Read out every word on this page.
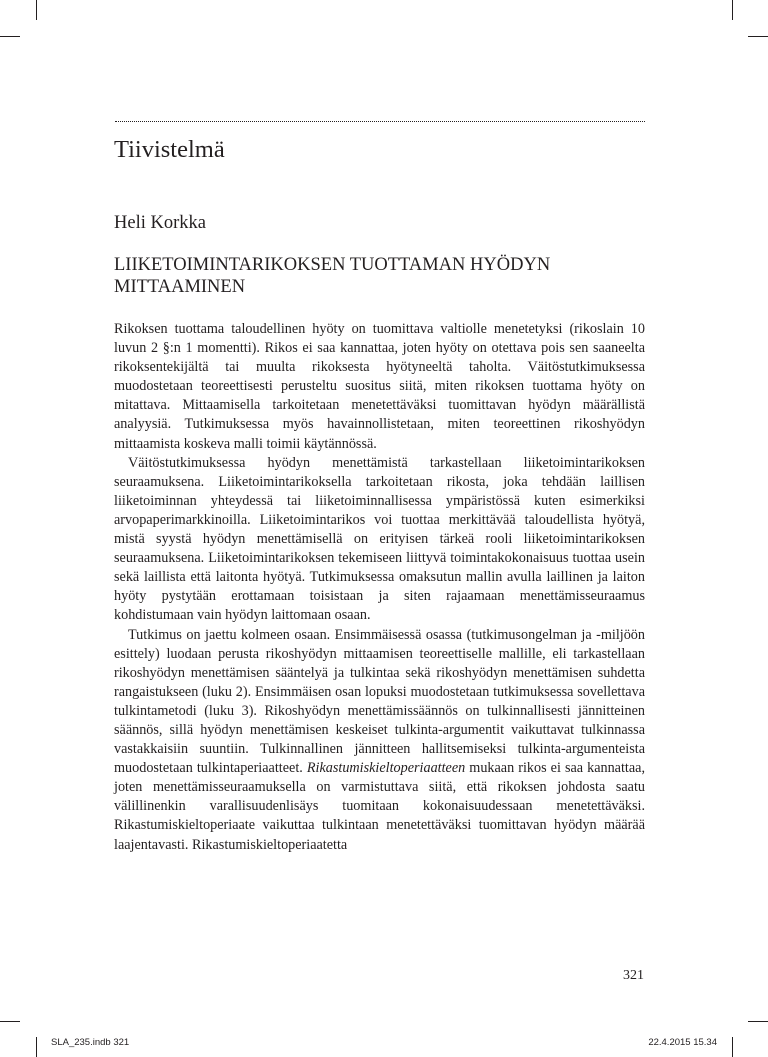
Tiivistelmä

Heli Korkka

LIIKETOIMINTARIKOKSEN TUOTTAMAN HYÖDYN MITTAAMINEN

Rikoksen tuottama taloudellinen hyöty on tuomittava valtiolle menetetyksi (rikoslain 10 luvun 2 §:n 1 momentti). Rikos ei saa kannattaa, joten hyöty on otettava pois sen saaneelta rikoksentekijältä tai muulta rikoksesta hyötyneeltä taholta. Väitöstutkimuksessa muodostetaan teoreettisesti perusteltu suositus siitä, miten rikoksen tuottama hyöty on mitattava. Mittaamisella tarkoitetaan menetettäväksi tuomittavan hyödyn määrällistä analyysiä. Tutkimuksessa myös havainnollistetaan, miten teoreettinen rikoshyödyn mittaamista koskeva malli toimii käytännössä.

Väitöstutkimuksessa hyödyn menettämistä tarkastellaan liiketoimintarikoksen seuraamuksena. Liiketoimintarikoksella tarkoitetaan rikosta, joka tehdään laillisen liiketoiminnan yhteydessä tai liiketoiminnallisessa ympäristössä kuten esimerkiksi arvopaperimarkkinoilla. Liiketoimintarikos voi tuottaa merkittävää taloudellista hyötyä, mistä syystä hyödyn menettämisellä on erityisen tärkeä rooli liiketoimintarikoksen seuraamuksena. Liiketoimintarikoksen tekemiseen liittyvä toimintakokonaisuus tuottaa usein sekä laillista että laitonta hyötyä. Tutkimuksessa omaksutun mallin avulla laillinen ja laiton hyöty pystytään erottamaan toisistaan ja siten rajaamaan menettämisseuraamus kohdistumaan vain hyödyn laittomaan osaan.

Tutkimus on jaettu kolmeen osaan. Ensimmäisessä osassa (tutkimusongelman ja -miljöön esittely) luodaan perusta rikoshyödyn mittaamisen teoreettiselle mallille, eli tarkastellaan rikoshyödyn menettämisen sääntelyä ja tulkintaa sekä rikoshyödyn menettämisen suhdetta rangaistukseen (luku 2). Ensimmäisen osan lopuksi muodostetaan tutkimuksessa sovellettava tulkintametodi (luku 3). Rikoshyödyn menettämissäännös on tulkinnallisesti jännitteinen säännös, sillä hyödyn menettämisen keskeiset tulkinta-argumentit vaikuttavat tulkinnassa vastakkaisiin suuntiin. Tulkinnallinen jännitteen hallitsemiseksi tulkinta-argumenteista muodostetaan tulkintaperiaatteet. Rikastumiskieltoperiaatteen mukaan rikos ei saa kannattaa, joten menettämisseuraamuksella on varmistuttava siitä, että rikoksen johdosta saatu välillinenkin varallisuudenlisäys tuomitaan kokonaisuudessaan menetettäväksi. Rikastumiskieltoperiaate vaikuttaa tulkintaan menetettäväksi tuomittavan hyödyn määrää laajentavasti. Rikastumiskieltoperiaatetta

321
SLA_235.indb 321	22.4.2015 15.34
